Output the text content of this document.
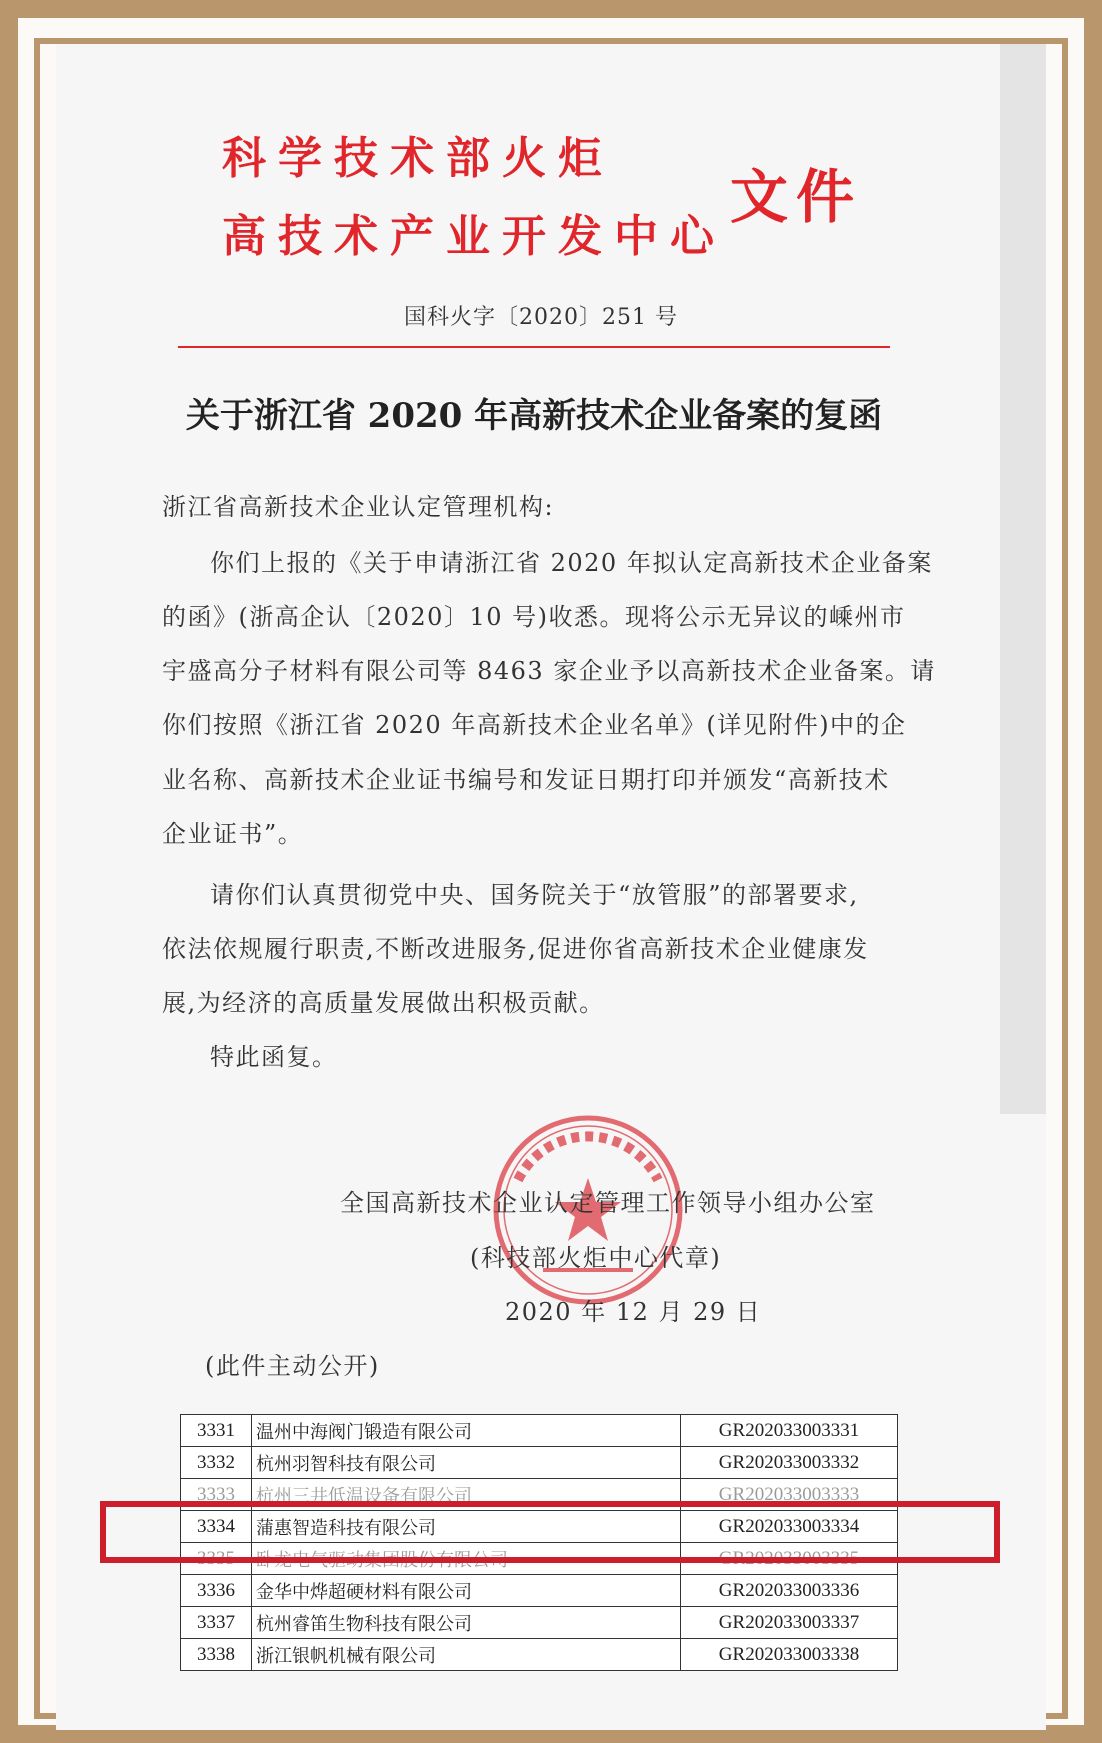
科学技术部火炬
高技术产业开发中心
文件
国科火字〔2020〕251 号
关于浙江省 2020 年高新技术企业备案的复函
浙江省高新技术企业认定管理机构:
你们上报的《关于申请浙江省 2020 年拟认定高新技术企业备案
的函》(浙高企认〔2020〕10 号)收悉。现将公示无异议的嵊州市
宇盛高分子材料有限公司等 8463 家企业予以高新技术企业备案。请
你们按照《浙江省 2020 年高新技术企业名单》(详见附件)中的企
业名称、高新技术企业证书编号和发证日期打印并颁发“高新技术
企业证书”。
请你们认真贯彻党中央、国务院关于“放管服”的部署要求,
依法依规履行职责,不断改进服务,促进你省高新技术企业健康发
展,为经济的高质量发展做出积极贡献。
特此函复。
全国高新技术企业认定管理工作领导小组办公室
(科技部火炬中心代章)
2020 年 12 月 29 日
(此件主动公开)
3331	温州中海阀门锻造有限公司	GR202033003331
3332	杭州羽智科技有限公司	GR202033003332
3333	杭州三井低温设备有限公司	GR202033003333
3334	蒲惠智造科技有限公司	GR202033003334
3335	卧龙电气驱动集团股份有限公司	GR202033003335
3336	金华中烨超硬材料有限公司	GR202033003336
3337	杭州睿笛生物科技有限公司	GR202033003337
3338	浙江银帆机械有限公司	GR202033003338
